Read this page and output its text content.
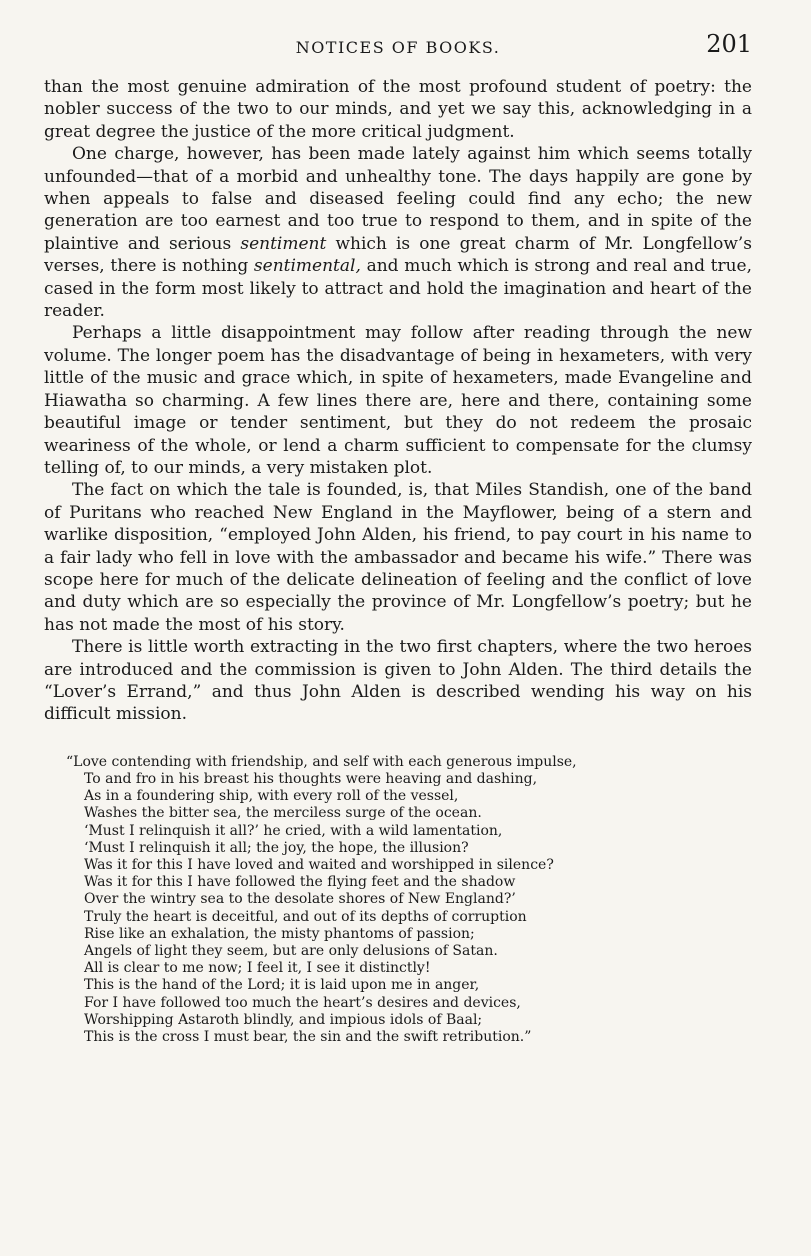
NOTICES OF BOOKS.	201

than the most genuine admiration of the most profound student of poetry: the nobler success of the two to our minds, and yet we say this, acknowledging in a great degree the justice of the more critical judgment.

One charge, however, has been made lately against him which seems totally unfounded—that of a morbid and unhealthy tone. The days happily are gone by when appeals to false and diseased feeling could find any echo; the new generation are too earnest and too true to respond to them, and in spite of the plaintive and serious sentiment which is one great charm of Mr. Longfellow’s verses, there is nothing sentimental, and much which is strong and real and true, cased in the form most likely to attract and hold the imagination and heart of the reader.

Perhaps a little disappointment may follow after reading through the new volume. The longer poem has the disadvantage of being in hexameters, with very little of the music and grace which, in spite of hexameters, made Evangeline and Hiawatha so charming. A few lines there are, here and there, containing some beautiful image or tender sentiment, but they do not redeem the prosaic weariness of the whole, or lend a charm sufficient to compensate for the clumsy telling of, to our minds, a very mistaken plot.

The fact on which the tale is founded, is, that Miles Standish, one of the band of Puritans who reached New England in the Mayflower, being of a stern and warlike disposition, “employed John Alden, his friend, to pay court in his name to a fair lady who fell in love with the ambassador and became his wife.” There was scope here for much of the delicate delineation of feeling and the conflict of love and duty which are so especially the province of Mr. Longfellow’s poetry; but he has not made the most of his story.

There is little worth extracting in the two first chapters, where the two heroes are introduced and the commission is given to John Alden. The third details the “Lover’s Errand,” and thus John Alden is described wending his way on his difficult mission.

“Love contending with friendship, and self with each generous impulse,
To and fro in his breast his thoughts were heaving and dashing,
As in a foundering ship, with every roll of the vessel,
Washes the bitter sea, the merciless surge of the ocean.
‘Must I relinquish it all?’ he cried, with a wild lamentation,
‘Must I relinquish it all; the joy, the hope, the illusion?
Was it for this I have loved and waited and worshipped in silence?
Was it for this I have followed the flying feet and the shadow
Over the wintry sea to the desolate shores of New England?’
Truly the heart is deceitful, and out of its depths of corruption
Rise like an exhalation, the misty phantoms of passion;
Angels of light they seem, but are only delusions of Satan.
All is clear to me now; I feel it, I see it distinctly!
This is the hand of the Lord; it is laid upon me in anger,
For I have followed too much the heart’s desires and devices,
Worshipping Astaroth blindly, and impious idols of Baal;
This is the cross I must bear, the sin and the swift retribution.”
